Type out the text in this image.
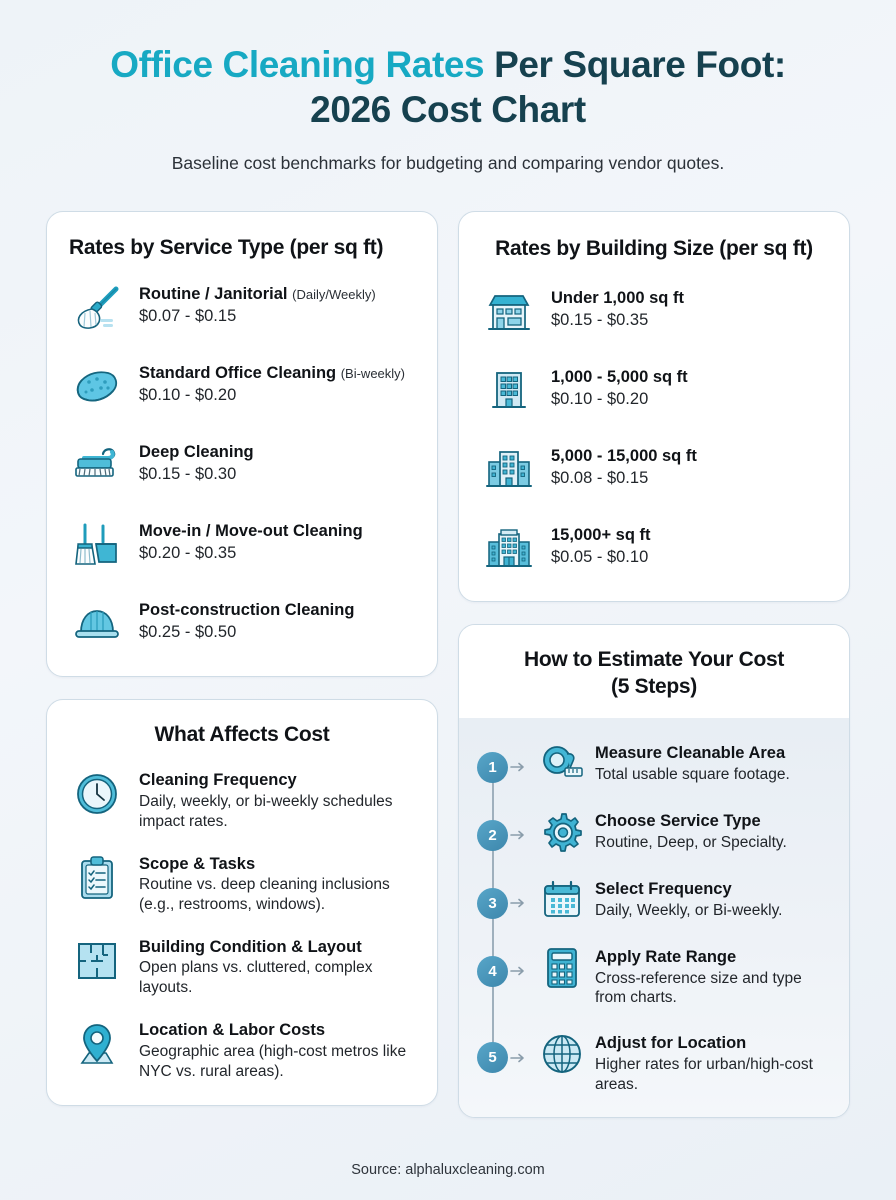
Office Cleaning Rates Per Square Foot:
2026 Cost Chart

Baseline cost benchmarks for budgeting and comparing vendor quotes.

Rates by Service Type (per sq ft)
Routine / Janitorial (Daily/Weekly)
$0.07 - $0.15
Standard Office Cleaning (Bi-weekly)
$0.10 - $0.20
Deep Cleaning
$0.15 - $0.30
Move-in / Move-out Cleaning
$0.20 - $0.35
Post-construction Cleaning
$0.25 - $0.50
What Affects Cost
Cleaning Frequency
Daily, weekly, or bi-weekly schedules impact rates.
Scope & Tasks
Routine vs. deep cleaning inclusions (e.g., restrooms, windows).
Building Condition & Layout
Open plans vs. cluttered, complex layouts.
Location & Labor Costs
Geographic area (high-cost metros like NYC vs. rural areas).
Rates by Building Size (per sq ft)
Under 1,000 sq ft
$0.15 - $0.35
1,000 - 5,000 sq ft
$0.10 - $0.20
5,000 - 15,000 sq ft
$0.08 - $0.15
15,000+ sq ft
$0.05 - $0.10
How to Estimate Your Cost
(5 Steps)
1
Measure Cleanable Area
Total usable square footage.
2
Choose Service Type
Routine, Deep, or Specialty.
3
Select Frequency
Daily, Weekly, or Bi-weekly.
4
Apply Rate Range
Cross-reference size and type from charts.
5
Adjust for Location
Higher rates for urban/high-cost areas.
Source: alphaluxcleaning.com
